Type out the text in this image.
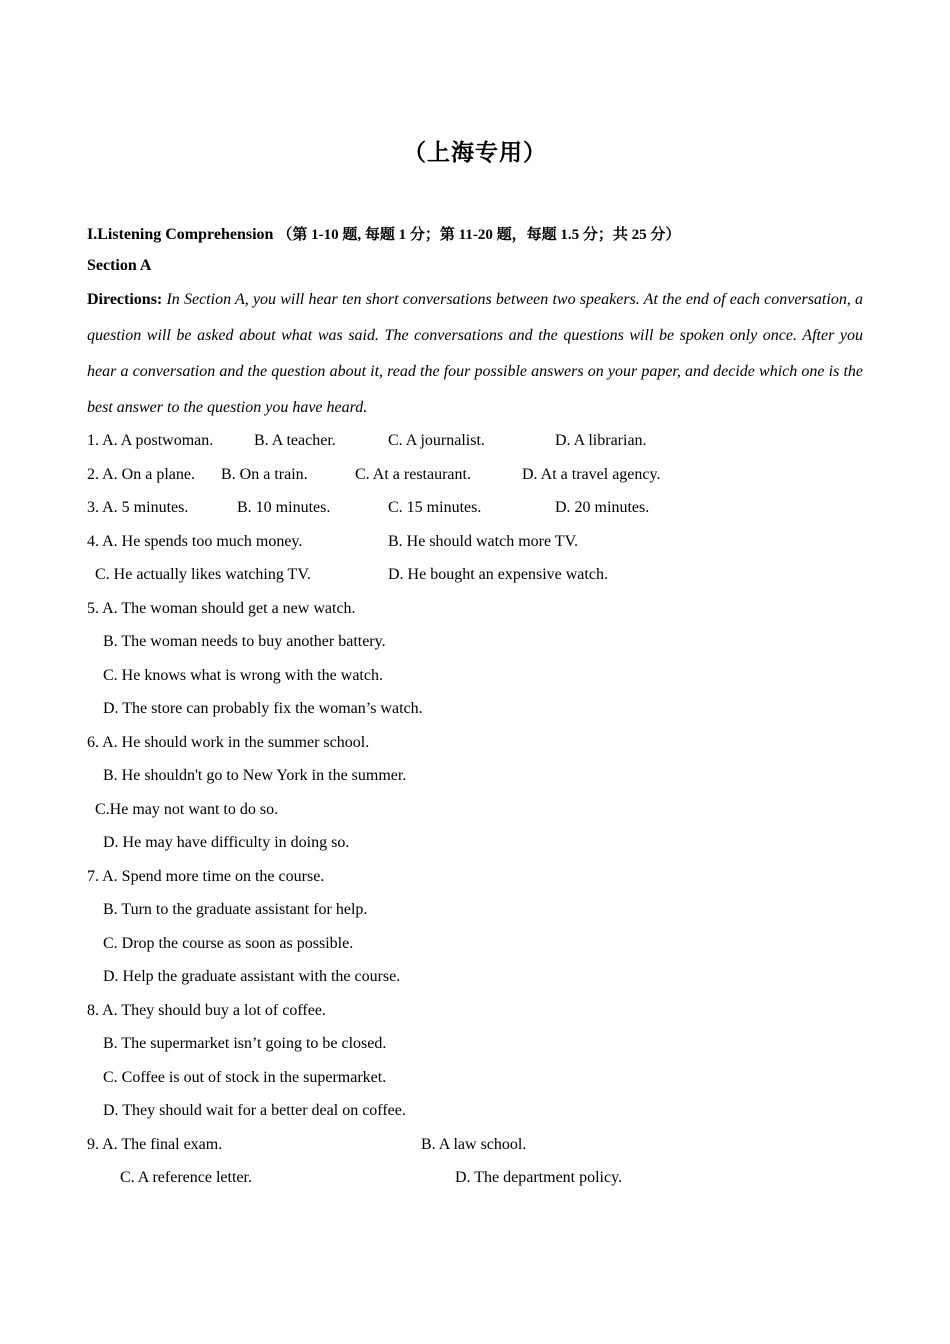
（上海专用）
I.Listening Comprehension （第 1-10 题, 每题 1 分；第 11-20 题，每题 1.5 分；共 25 分）
Section A
Directions: In Section A, you will hear ten short conversations between two speakers. At the end of each conversation, a question will be asked about what was said. The conversations and the questions will be spoken only once. After you hear a conversation and the question about it, read the four possible answers on your paper, and decide which one is the best answer to the question you have heard.
1. A. A postwoman.	B. A teacher.	C. A journalist.	D. A librarian.
2. A. On a plane. B. On a train.	C. At a restaurant.	D. At a travel agency.
3. A. 5 minutes.	B. 10 minutes.	C. 15 minutes.	D. 20 minutes.
4. A. He spends too much money.	B. He should watch more TV.
C. He actually likes watching TV.	D. He bought an expensive watch.
5. A. The woman should get a new watch.
B. The woman needs to buy another battery.
C. He knows what is wrong with the watch.
D. The store can probably fix the woman’s watch.
6. A. He should work in the summer school.
B. He shouldn't go to New York in the summer.
C.He may not want to do so.
D. He may have difficulty in doing so.
7. A. Spend more time on the course.
B. Turn to the graduate assistant for help.
C. Drop the course as soon as possible.
D. Help the graduate assistant with the course.
8. A. They should buy a lot of coffee.
B. The supermarket isn’t going to be closed.
C. Coffee is out of stock in the supermarket.
D. They should wait for a better deal on coffee.
9. A. The final exam.	B. A law school.
C. A reference letter.	D. The department policy.
